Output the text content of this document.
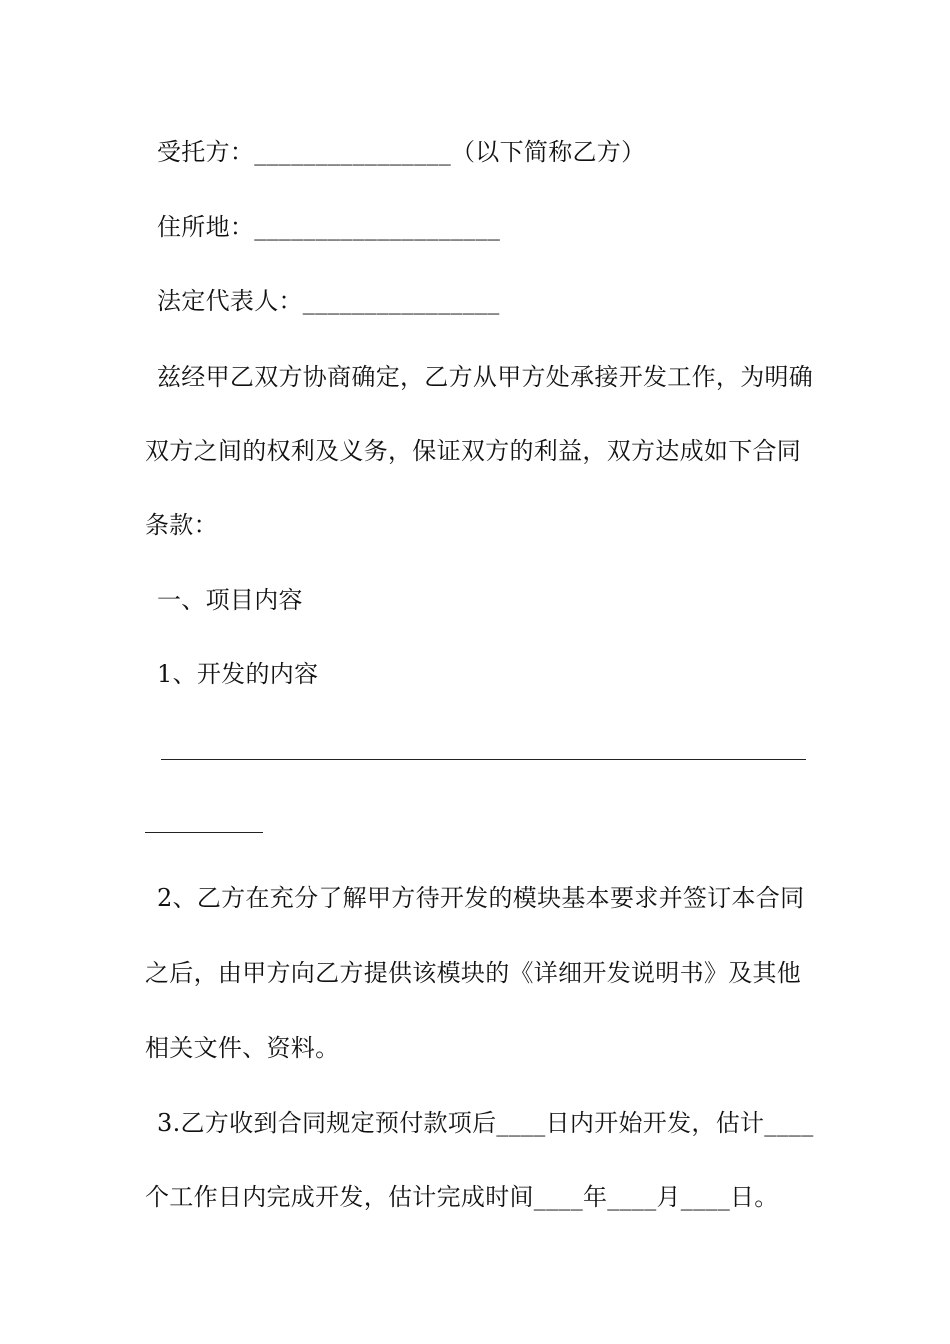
受托方：________________（以下简称乙方）
住所地：____________________
法定代表人：________________
兹经甲乙双方协商确定，乙方从甲方处承接开发工作，为明确
双方之间的权利及义务，保证双方的利益，双方达成如下合同
条款：
一、项目内容
1、开发的内容
2、乙方在充分了解甲方待开发的模块基本要求并签订本合同
之后，由甲方向乙方提供该模块的《详细开发说明书》及其他
相关文件、资料。
3.乙方收到合同规定预付款项后____日内开始开发，估计____
个工作日内完成开发，估计完成时间____年____月____日。
